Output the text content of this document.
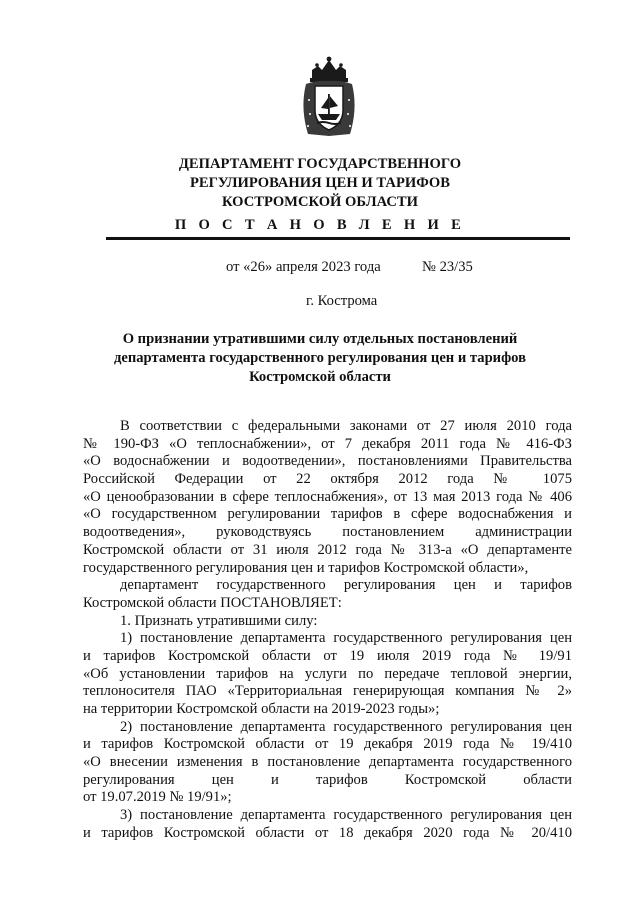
ДЕПАРТАМЕНТ ГОСУДАРСТВЕННОГО
РЕГУЛИРОВАНИЯ ЦЕН И ТАРИФОВ
КОСТРОМСКОЙ ОБЛАСТИ
П О С Т А Н О В Л Е Н И Е
от «26» апреля 2023 года	№ 23/35
г. Кострома
О признании утратившими силу отдельных постановлений
департамента государственного регулирования цен и тарифов
Костромской области
В соответствии с федеральными законами от 27 июля 2010 года
№ 190-ФЗ «О теплоснабжении», от 7 декабря 2011 года № 416-ФЗ
«О водоснабжении и водоотведении», постановлениями Правительства
Российской Федерации от 22 октября 2012 года № 1075
«О ценообразовании в сфере теплоснабжения», от 13 мая 2013 года № 406
«О государственном регулировании тарифов в сфере водоснабжения и
водоотведения», руководствуясь постановлением администрации
Костромской области от 31 июля 2012 года № 313-а «О департаменте
государственного регулирования цен и тарифов Костромской области»,
департамент государственного регулирования цен и тарифов
Костромской области ПОСТАНОВЛЯЕТ:
1. Признать утратившими силу:
1) постановление департамента государственного регулирования цен
и тарифов Костромской области от 19 июля 2019 года № 19/91
«Об установлении тарифов на услуги по передаче тепловой энергии,
теплоносителя ПАО «Территориальная генерирующая компания № 2»
на территории Костромской области на 2019-2023 годы»;
2) постановление департамента государственного регулирования цен
и тарифов Костромской области от 19 декабря 2019 года № 19/410
«О внесении изменения в постановление департамента государственного
регулирования цен и тарифов Костромской области
от 19.07.2019 № 19/91»;
3) постановление департамента государственного регулирования цен
и тарифов Костромской области от 18 декабря 2020 года № 20/410
